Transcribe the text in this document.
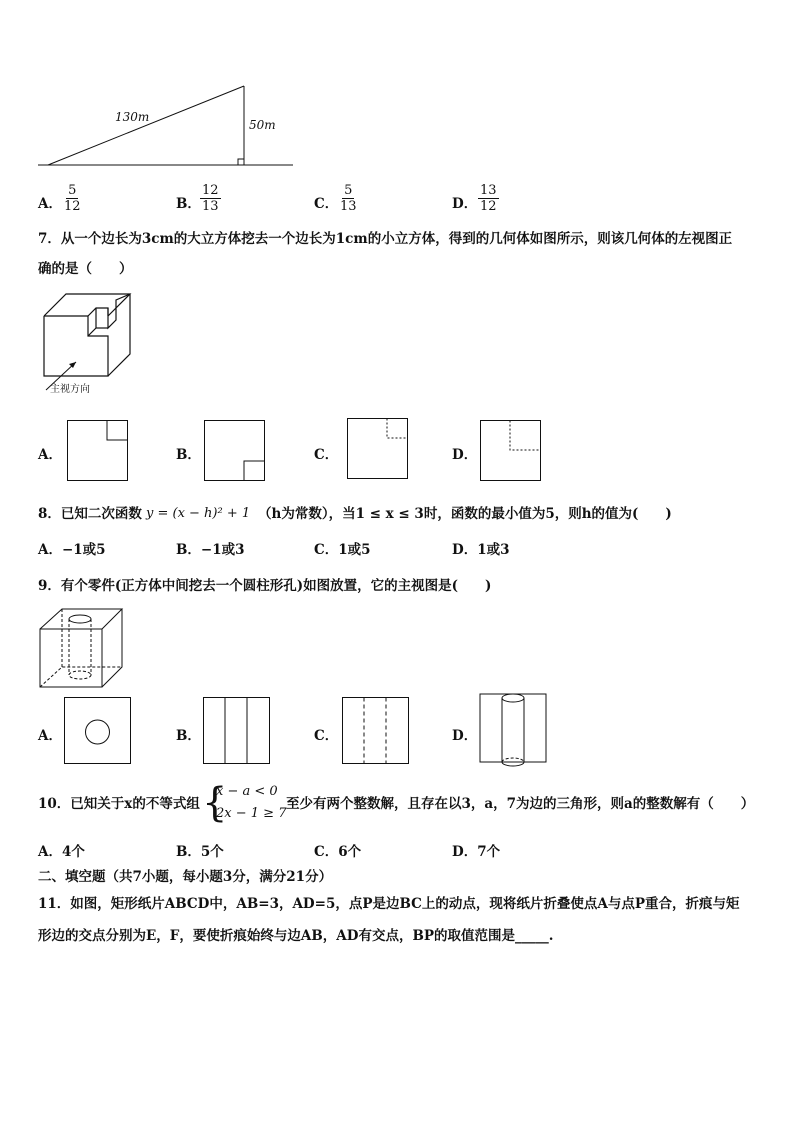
130m
50m
A． $\frac{5}{12}$	B． $\frac{12}{13}$	C． $\frac{5}{13}$	D． $\frac{13}{12}$
7．从一个边长为3cm的大立方体挖去一个边长为1cm的小立方体，得到的几何体如图所示，则该几何体的左视图正
确的是（　　）
主视方向
A．	B．	C．	D．
8．已知二次函数 y = (x − h)² + 1 （h为常数），当1 ≤ x ≤ 3时，函数的最小值为5，则h的值为(　　)
A．−1或5	B．−1或3	C．1或5	D．1或3
9．有个零件(正方体中间挖去一个圆柱形孔)如图放置，它的主视图是(　　)
A．	B．	C．	D．
10．已知关于x的不等式组 {
x − a < 0
2x − 1 ≥ 7
至少有两个整数解，且存在以3，a，7为边的三角形，则a的整数解有（　　）
A．4个	B．5个	C．6个	D．7个
二、填空题（共7小题，每小题3分，满分21分）
11．如图，矩形纸片ABCD中，AB=3，AD=5，点P是边BC上的动点，现将纸片折叠使点A与点P重合，折痕与矩
形边的交点分别为E，F，要使折痕始终与边AB，AD有交点，BP的取值范围是_____.
